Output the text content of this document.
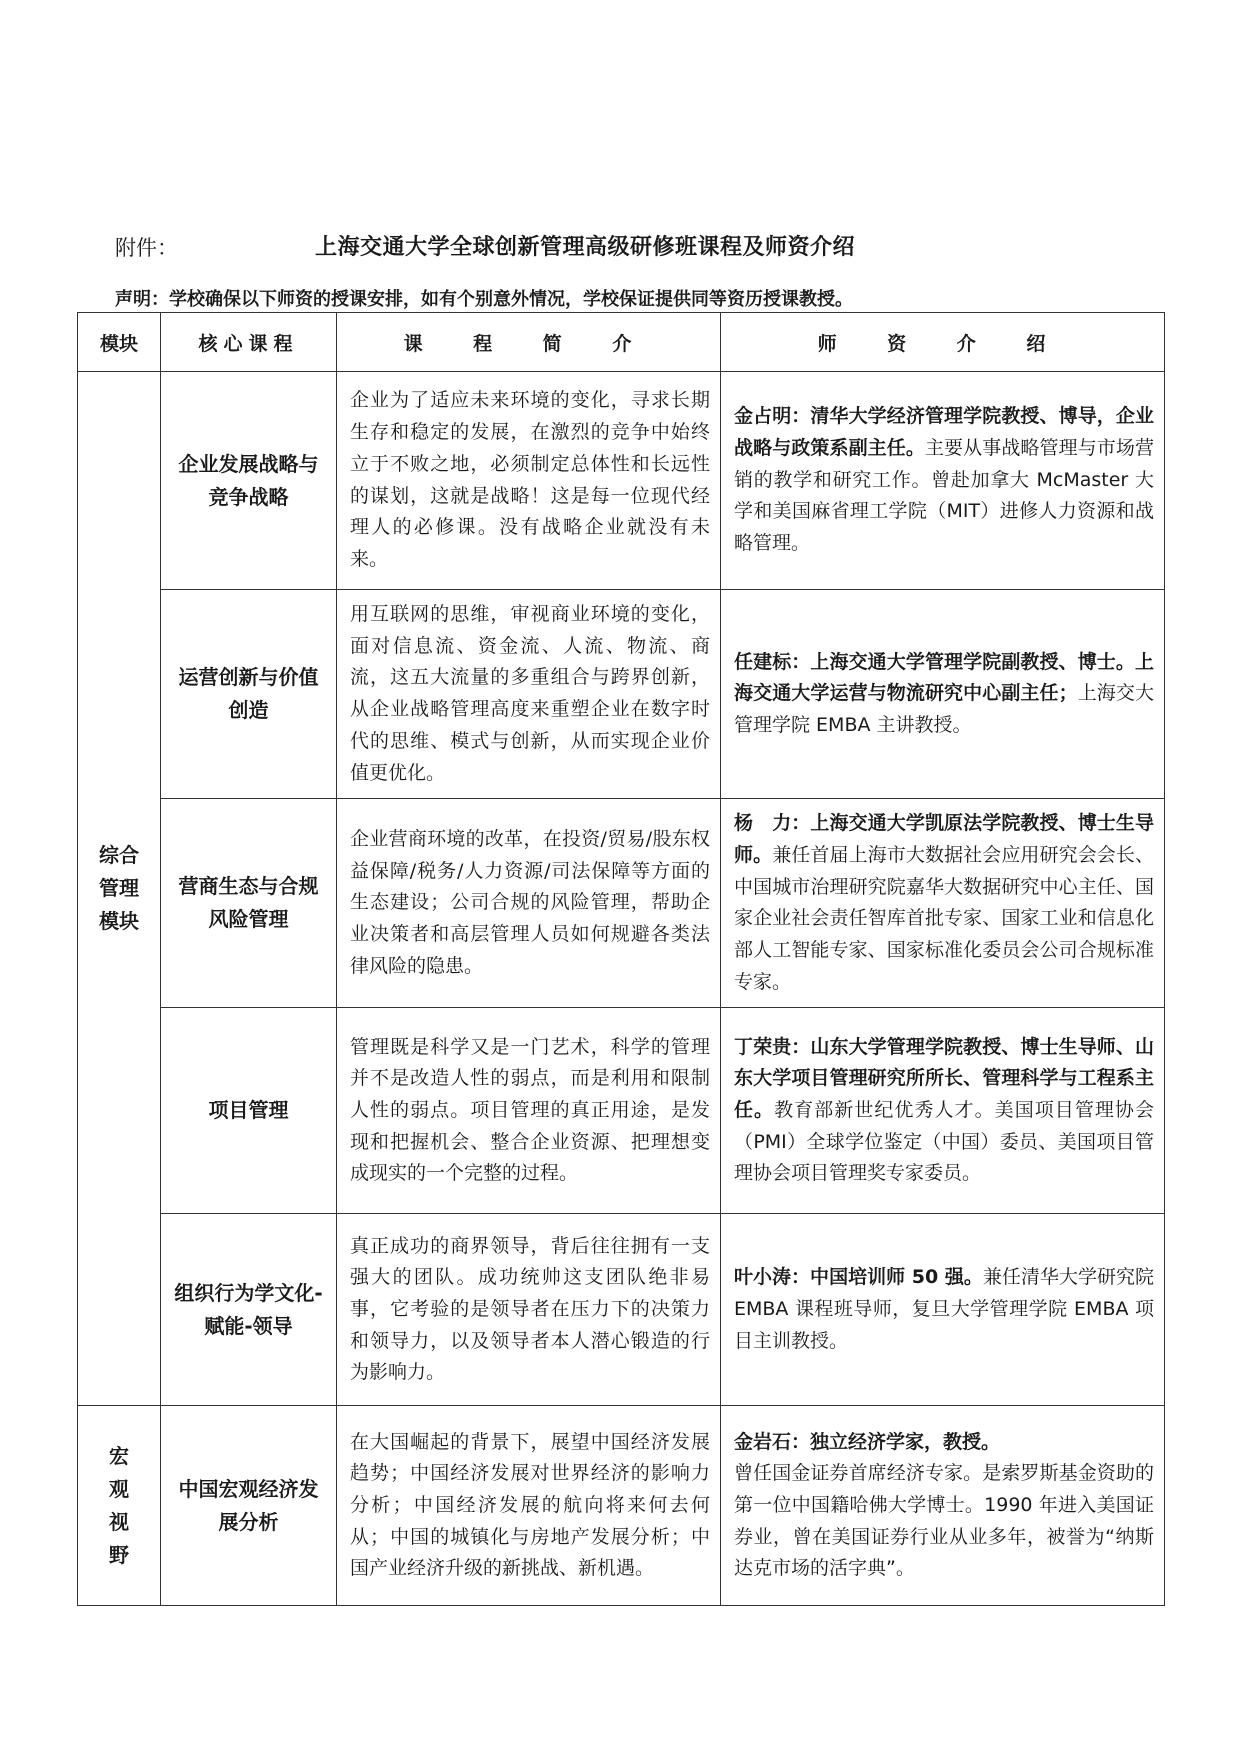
附件：	上海交通大学全球创新管理高级研修班课程及师资介绍
声明：学校确保以下师资的授课安排，如有个别意外情况，学校保证提供同等资历授课教授。
模块	核心课程	课 程 简 介	师 资 介 绍

综合管理模块	企业发展战略与竞争战略	企业为了适应未来环境的变化，寻求长期生存和稳定的发展，在激烈的竞争中始终立于不败之地，必须制定总体性和长远性的谋划，这就是战略！这是每一位现代经理人的必修课。没有战略企业就没有未来。	金占明：清华大学经济管理学院教授、博导，企业战略与政策系副主任。主要从事战略管理与市场营销的教学和研究工作。曾赴加拿大 McMaster 大学和美国麻省理工学院（MIT）进修人力资源和战略管理。
	运营创新与价值创造	用互联网的思维，审视商业环境的变化，面对信息流、资金流、人流、物流、商流，这五大流量的多重组合与跨界创新，从企业战略管理高度来重塑企业在数字时代的思维、模式与创新，从而实现企业价值更优化。	任建标：上海交通大学管理学院副教授、博士。上海交通大学运营与物流研究中心副主任；上海交大管理学院 EMBA 主讲教授。
	营商生态与合规风险管理	企业营商环境的改革，在投资/贸易/股东权益保障/税务/人力资源/司法保障等方面的生态建设；公司合规的风险管理，帮助企业决策者和高层管理人员如何规避各类法律风险的隐患。	杨　力：上海交通大学凯原法学院教授、博士生导师。兼任首届上海市大数据社会应用研究会会长、中国城市治理研究院嘉华大数据研究中心主任、国家企业社会责任智库首批专家、国家工业和信息化部人工智能专家、国家标准化委员会公司合规标准专家。
	项目管理	管理既是科学又是一门艺术，科学的管理并不是改造人性的弱点，而是利用和限制人性的弱点。项目管理的真正用途，是发现和把握机会、整合企业资源、把理想变成现实的一个完整的过程。	丁荣贵：山东大学管理学院教授、博士生导师、山东大学项目管理研究所所长、管理科学与工程系主任。教育部新世纪优秀人才。美国项目管理协会（PMI）全球学位鉴定（中国）委员、美国项目管理协会项目管理奖专家委员。
	组织行为学文化-赋能-领导	真正成功的商界领导，背后往往拥有一支强大的团队。成功统帅这支团队绝非易事，它考验的是领导者在压力下的决策力和领导力，以及领导者本人潜心锻造的行为影响力。	叶小涛：中国培训师 50 强。兼任清华大学研究院 EMBA 课程班导师，复旦大学管理学院 EMBA 项目主训教授。

宏观视野	中国宏观经济发展分析	在大国崛起的背景下，展望中国经济发展趋势；中国经济发展对世界经济的影响力分析；中国经济发展的航向将来何去何从；中国的城镇化与房地产发展分析；中国产业经济升级的新挑战、新机遇。	金岩石：独立经济学家，教授。
曾任国金证券首席经济专家。是索罗斯基金资助的第一位中国籍哈佛大学博士。1990 年进入美国证券业，曾在美国证券行业从业多年，被誉为“纳斯达克市场的活字典”。
